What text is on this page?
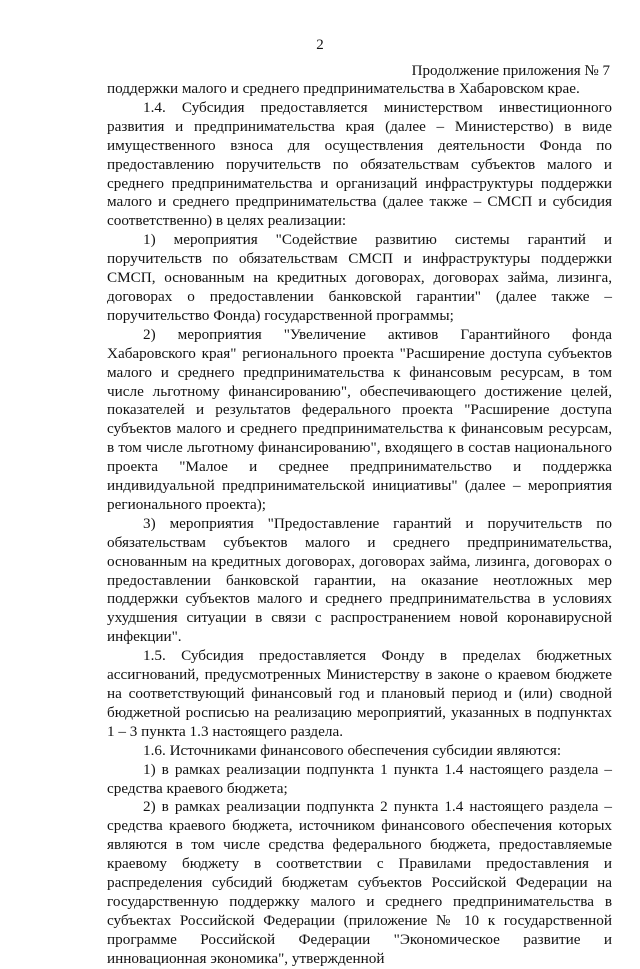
2
Продолжение приложения № 7

поддержки малого и среднего предпринимательства в Хабаровском крае.

1.4. Субсидия предоставляется министерством инвестиционного развития и предпринимательства края (далее – Министерство) в виде имущественного взноса для осуществления деятельности Фонда по предоставлению поручительств по обязательствам субъектов малого и среднего предпринимательства и организаций инфраструктуры поддержки малого и среднего предпринимательства (далее также – СМСП и субсидия соответственно) в целях реализации:

1) мероприятия "Содействие развитию системы гарантий и поручительств по обязательствам СМСП и инфраструктуры поддержки СМСП, основанным на кредитных договорах, договорах займа, лизинга, договорах о предоставлении банковской гарантии" (далее также – поручительство Фонда) государственной программы;

2) мероприятия "Увеличение активов Гарантийного фонда Хабаровского края" регионального проекта "Расширение доступа субъектов малого и среднего предпринимательства к финансовым ресурсам, в том числе льготному финансированию", обеспечивающего достижение целей, показателей и результатов федерального проекта "Расширение доступа субъектов малого и среднего предпринимательства к финансовым ресурсам, в том числе льготному финансированию", входящего в состав национального проекта "Малое и среднее предпринимательство и поддержка индивидуальной предпринимательской инициативы" (далее – мероприятия регионального проекта);

3) мероприятия "Предоставление гарантий и поручительств по обязательствам субъектов малого и среднего предпринимательства, основанным на кредитных договорах, договорах займа, лизинга, договорах о предоставлении банковской гарантии, на оказание неотложных мер поддержки субъектов малого и среднего предпринимательства в условиях ухудшения ситуации в связи с распространением новой коронавирусной инфекции".

1.5. Субсидия предоставляется Фонду в пределах бюджетных ассигнований, предусмотренных Министерству в законе о краевом бюджете на соответствующий финансовый год и плановый период и (или) сводной бюджетной росписью на реализацию мероприятий, указанных в подпунктах 1 – 3 пункта 1.3 настоящего раздела.

1.6. Источниками финансового обеспечения субсидии являются:

1) в рамках реализации подпункта 1 пункта 1.4 настоящего раздела – средства краевого бюджета;

2) в рамках реализации подпункта 2 пункта 1.4 настоящего раздела – средства краевого бюджета, источником финансового обеспечения которых являются в том числе средства федерального бюджета, предоставляемые краевому бюджету в соответствии с Правилами предоставления и распределения субсидий бюджетам субъектов Российской Федерации на государственную поддержку малого и среднего предпринимательства в субъектах Российской Федерации (приложение № 10 к государственной программе Российской Федерации "Экономическое развитие и инновационная экономика", утвержденной
